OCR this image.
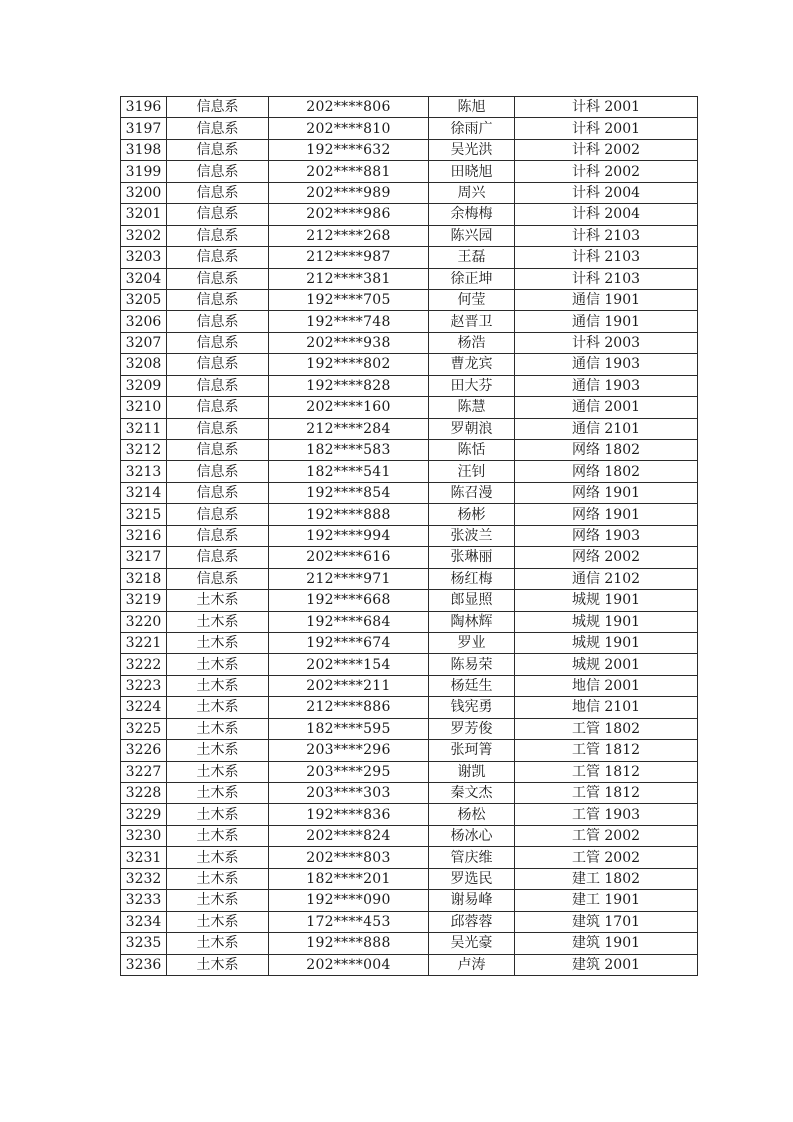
3196	信息系	202****806	陈旭	计科 2001
3197	信息系	202****810	徐雨广	计科 2001
3198	信息系	192****632	吴光洪	计科 2002
3199	信息系	202****881	田晓旭	计科 2002
3200	信息系	202****989	周兴	计科 2004
3201	信息系	202****986	余梅梅	计科 2004
3202	信息系	212****268	陈兴园	计科 2103
3203	信息系	212****987	王磊	计科 2103
3204	信息系	212****381	徐正坤	计科 2103
3205	信息系	192****705	何莹	通信 1901
3206	信息系	192****748	赵晋卫	通信 1901
3207	信息系	202****938	杨浩	计科 2003
3208	信息系	192****802	曹龙宾	通信 1903
3209	信息系	192****828	田大芬	通信 1903
3210	信息系	202****160	陈慧	通信 2001
3211	信息系	212****284	罗朝浪	通信 2101
3212	信息系	182****583	陈恬	网络 1802
3213	信息系	182****541	汪钊	网络 1802
3214	信息系	192****854	陈召漫	网络 1901
3215	信息系	192****888	杨彬	网络 1901
3216	信息系	192****994	张波兰	网络 1903
3217	信息系	202****616	张琳丽	网络 2002
3218	信息系	212****971	杨红梅	通信 2102
3219	土木系	192****668	郎显照	城规 1901
3220	土木系	192****684	陶林辉	城规 1901
3221	土木系	192****674	罗业	城规 1901
3222	土木系	202****154	陈易荣	城规 2001
3223	土木系	202****211	杨廷生	地信 2001
3224	土木系	212****886	钱宪勇	地信 2101
3225	土木系	182****595	罗芳俊	工管 1802
3226	土木系	203****296	张珂箐	工管 1812
3227	土木系	203****295	谢凯	工管 1812
3228	土木系	203****303	秦文杰	工管 1812
3229	土木系	192****836	杨松	工管 1903
3230	土木系	202****824	杨冰心	工管 2002
3231	土木系	202****803	管庆维	工管 2002
3232	土木系	182****201	罗选民	建工 1802
3233	土木系	192****090	谢易峰	建工 1901
3234	土木系	172****453	邱蓉蓉	建筑 1701
3235	土木系	192****888	吴光豪	建筑 1901
3236	土木系	202****004	卢涛	建筑 2001
